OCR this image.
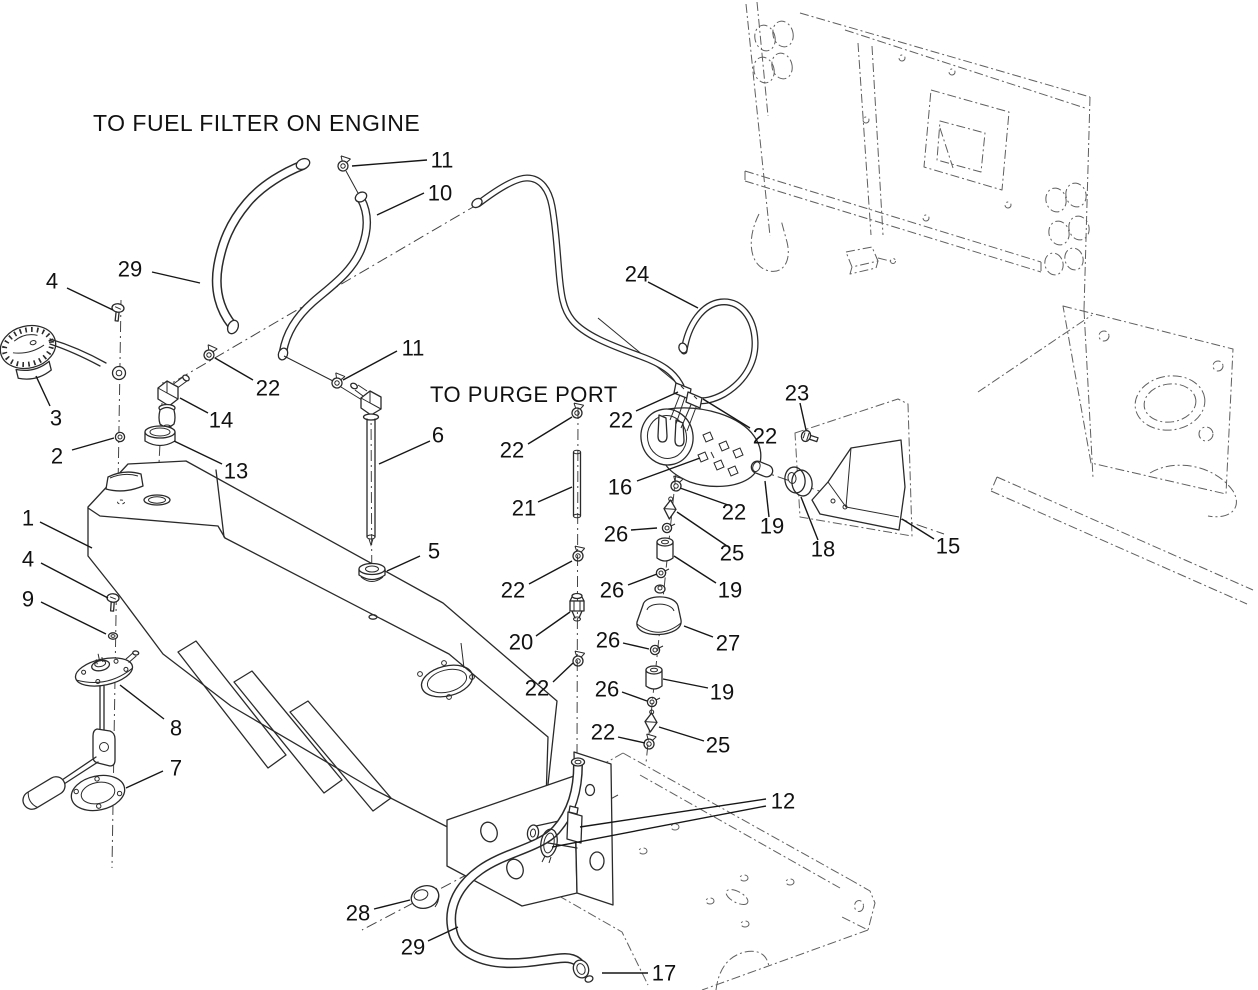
TO FUEL FILTER ON ENGINE
TO PURGE PORT
11
10
29
4	24
22
3	14
2
13
11
6
23
22
22
22
16
21
19
22
18	15
25
26
1
4	5
9	26	19
22
20	27
26
8
22 26	19
7
22
25
12
28
29
17
